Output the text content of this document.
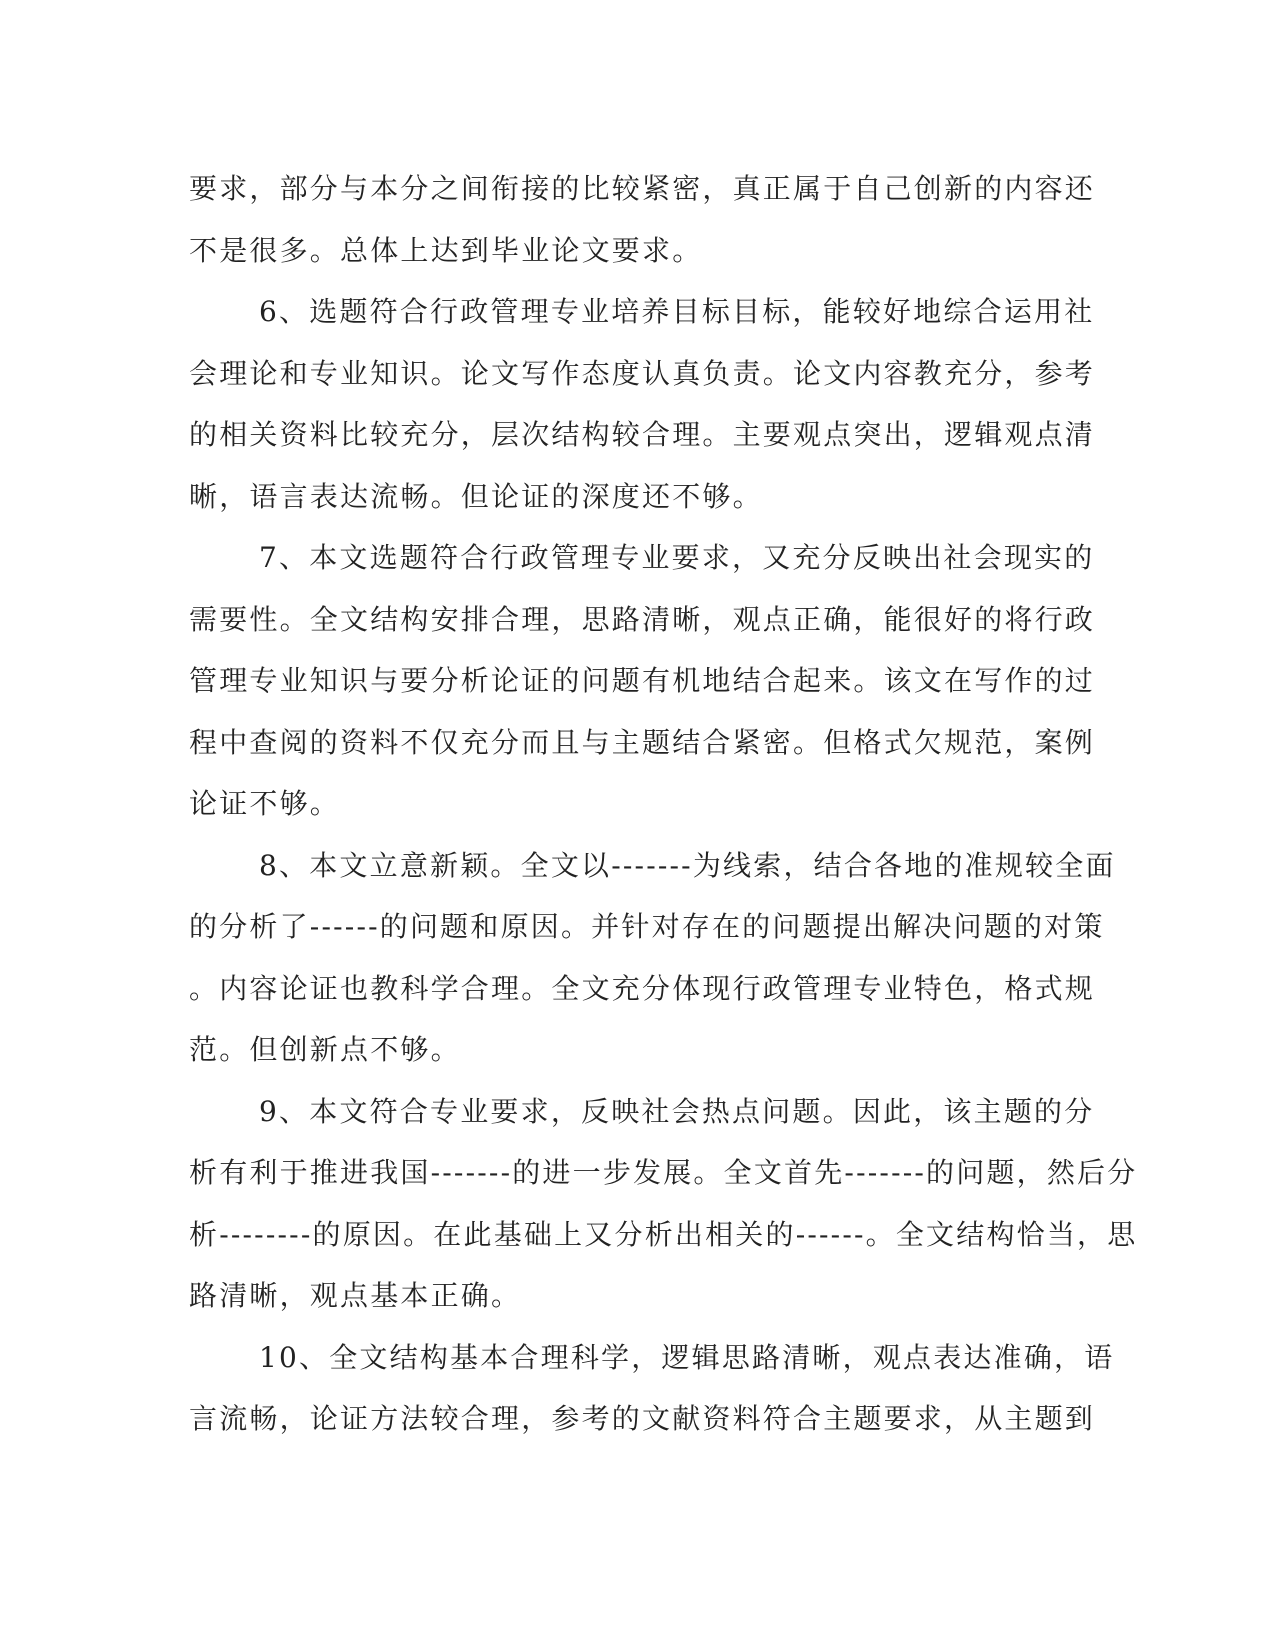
要求，部分与本分之间衔接的比较紧密，真正属于自己创新的内容还
不是很多。总体上达到毕业论文要求。

6、选题符合行政管理专业培养目标目标，能较好地综合运用社
会理论和专业知识。论文写作态度认真负责。论文内容教充分，参考
的相关资料比较充分，层次结构较合理。主要观点突出，逻辑观点清
晰，语言表达流畅。但论证的深度还不够。

7、本文选题符合行政管理专业要求，又充分反映出社会现实的
需要性。全文结构安排合理，思路清晰，观点正确，能很好的将行政
管理专业知识与要分析论证的问题有机地结合起来。该文在写作的过
程中查阅的资料不仅充分而且与主题结合紧密。但格式欠规范，案例
论证不够。

8、本文立意新颖。全文以-------为线索，结合各地的准规较全面
的分析了------的问题和原因。并针对存在的问题提出解决问题的对策
。内容论证也教科学合理。全文充分体现行政管理专业特色，格式规
范。但创新点不够。

9、本文符合专业要求，反映社会热点问题。因此，该主题的分
析有利于推进我国-------的进一步发展。全文首先-------的问题，然后分
析--------的原因。在此基础上又分析出相关的------。全文结构恰当，思
路清晰，观点基本正确。

10、全文结构基本合理科学，逻辑思路清晰，观点表达准确，语
言流畅，论证方法较合理，参考的文献资料符合主题要求，从主题到
